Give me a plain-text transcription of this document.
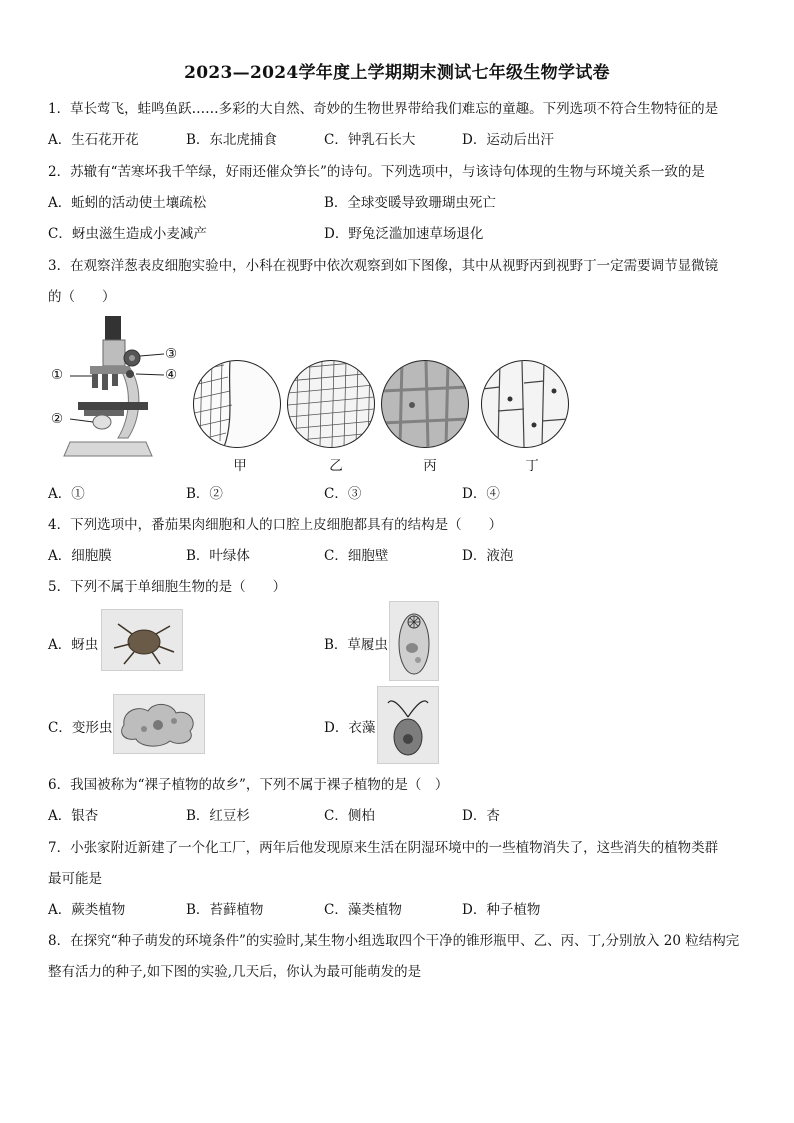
2023—2024学年度上学期期末测试七年级生物学试卷
1．草长莺飞，蛙鸣鱼跃……多彩的大自然、奇妙的生物世界带给我们难忘的童趣。下列选项不符合生物特征的是
A．生石花开花	B．东北虎捕食	C．钟乳石长大	D．运动后出汗
2．苏辙有“苦寒坏我千竿绿，好雨还催众笋长”的诗句。下列选项中，与该诗句体现的生物与环境关系一致的是
A．蚯蚓的活动使土壤疏松	B．全球变暖导致珊瑚虫死亡
C．蚜虫滋生造成小麦减产	D．野兔泛滥加速草场退化
3．在观察洋葱表皮细胞实验中，小科在视野中依次观察到如下图像，其中从视野丙到视野丁一定需要调节显微镜
的（　　）
①
②
③
④
甲	乙	丙	丁
A．①	B．②	C．③	D．④
4．下列选项中，番茄果肉细胞和人的口腔上皮细胞都具有的结构是（　　）
A．细胞膜	B．叶绿体	C．细胞壁	D．液泡
5．下列不属于单细胞生物的是（　　）
A．蚜虫	B．草履虫
C．变形虫	D．衣藻
6．我国被称为“裸子植物的故乡”，下列不属于裸子植物的是（　）
A．银杏	B．红豆杉	C．侧柏	D．杏
7．小张家附近新建了一个化工厂，两年后他发现原来生活在阴湿环境中的一些植物消失了，这些消失的植物类群
最可能是
A．蕨类植物	B．苔藓植物	C．藻类植物	D．种子植物
8．在探究“种子萌发的环境条件”的实验时,某生物小组选取四个干净的锥形瓶甲、乙、丙、丁,分别放入 20 粒结构完
整有活力的种子,如下图的实验,几天后，你认为最可能萌发的是
